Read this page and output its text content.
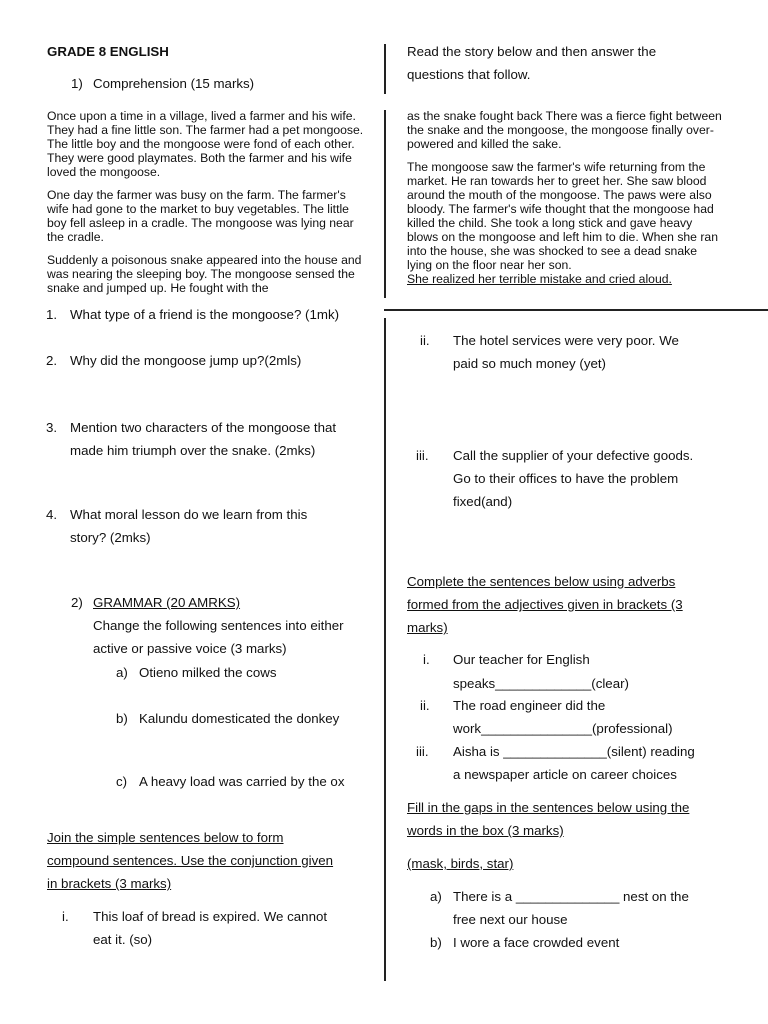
GRADE 8 ENGLISH
1) Comprehension (15 marks)

Once upon a time in a village, lived a farmer and his wife. They had a fine little son. The farmer had a pet mongoose. The little boy and the mongoose were fond of each other. They were good playmates. Both the farmer and his wife loved the mongoose.

One day the farmer was busy on the farm. The farmer's wife had gone to the market to buy vegetables. The little boy fell asleep in a cradle. The mongoose was lying near the cradle.

Suddenly a poisonous snake appeared into the house and was nearing the sleeping boy. The mongoose sensed the snake and jumped up. He fought with the

1. What type of a friend is the mongoose? (1mk)
2. Why did the mongoose jump up?(2mls)
3. Mention two characters of the mongoose that
made him triumph over the snake. (2mks)
4. What moral lesson do we learn from this
story? (2mks)
2) GRAMMAR (20 AMRKS)
Change the following sentences into either
active or passive voice (3 marks)
a) Otieno milked the cows
b) Kalundu domesticated the donkey
c) A heavy load was carried by the ox
Join the simple sentences below to form
compound sentences. Use the conjunction given
in brackets (3 marks)
i. This loaf of bread is expired. We cannot
eat it. (so)
Read the story below and then answer the
questions that follow.

as the snake fought back There was a fierce fight between the snake and the mongoose, the mongoose finally over-powered and killed the sake.

The mongoose saw the farmer's wife returning from the market. He ran towards her to greet her. She saw blood around the mouth of the mongoose. The paws were also bloody. The farmer's wife thought that the mongoose had killed the child. She took a long stick and gave heavy blows on the mongoose and left him to die. When she ran into the house, she was shocked to see a dead snake lying on the floor near her son.

She realized her terrible mistake and cried aloud.
ii. The hotel services were very poor. We
paid so much money (yet)
iii. Call the supplier of your defective goods.
Go to their offices to have the problem
fixed(and)
Complete the sentences below using adverbs
formed from the adjectives given in brackets (3
marks)
i. Our teacher for English
speaks_____________(clear)
ii. The road engineer did the
work_______________(professional)
iii. Aisha is ______________(silent) reading
a newspaper article on career choices
Fill in the gaps in the sentences below using the
words in the box (3 marks)
(mask, birds, star)
a) There is a ______________ nest on the
free next our house
b) I wore a face crowded event
